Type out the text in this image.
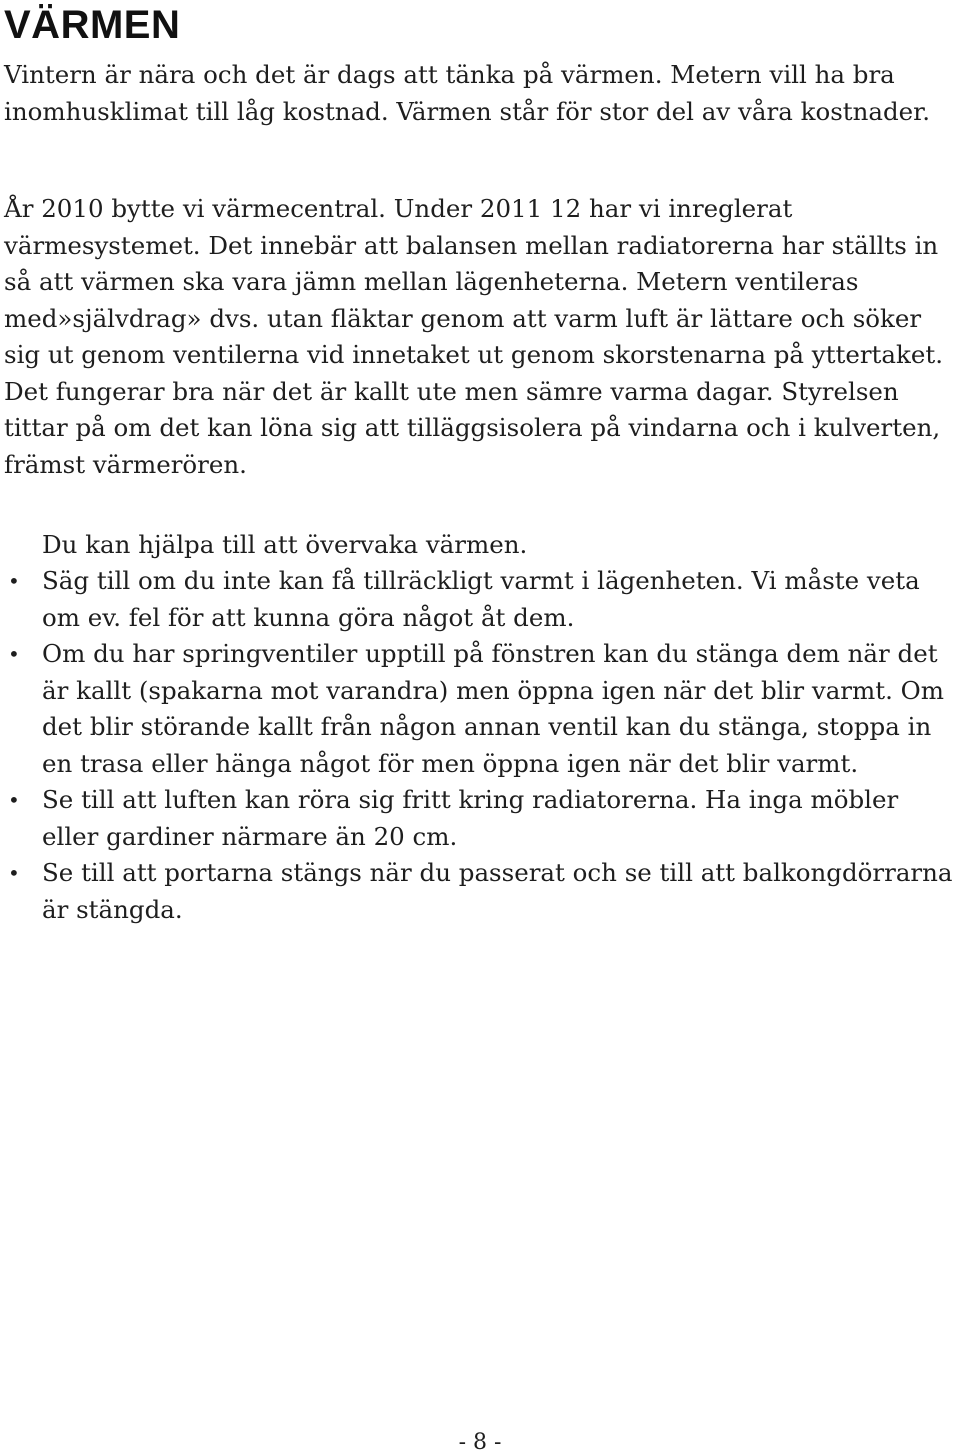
VÄRMEN

Vintern är nära och det är dags att tänka på värmen. Metern vill ha bra inomhusklimat till låg kostnad. Värmen står för stor del av våra kostnader.

År 2010 bytte vi värmecentral. Under 2011 12 har vi inreglerat värmesystemet. Det innebär att balansen mellan radiatorerna har ställts in så att värmen ska vara jämn mellan lägenheterna. Metern ventileras med»självdrag» dvs. utan fläktar genom att varm luft är lättare och söker sig ut genom ventilerna vid innetaket ut genom skorstenarna på yttertaket. Det fungerar bra när det är kallt ute men sämre varma dagar. Styrelsen tittar på om det kan löna sig att tilläggsisolera på vindarna och i kulverten, främst värmerören.

Du kan hjälpa till att övervaka värmen.

• Säg till om du inte kan få tillräckligt varmt i lägenheten. Vi måste veta om ev. fel för att kunna göra något åt dem.
• Om du har springventiler upptill på fönstren kan du stänga dem när det är kallt (spakarna mot varandra) men öppna igen när det blir varmt. Om det blir störande kallt från någon annan ventil kan du stänga, stoppa in en trasa eller hänga något för men öppna igen när det blir varmt.
• Se till att luften kan röra sig fritt kring radiatorerna. Ha inga möbler eller gardiner närmare än 20 cm.
• Se till att portarna stängs när du passerat och se till att balkongdörrarna är stängda.
- 8 -
